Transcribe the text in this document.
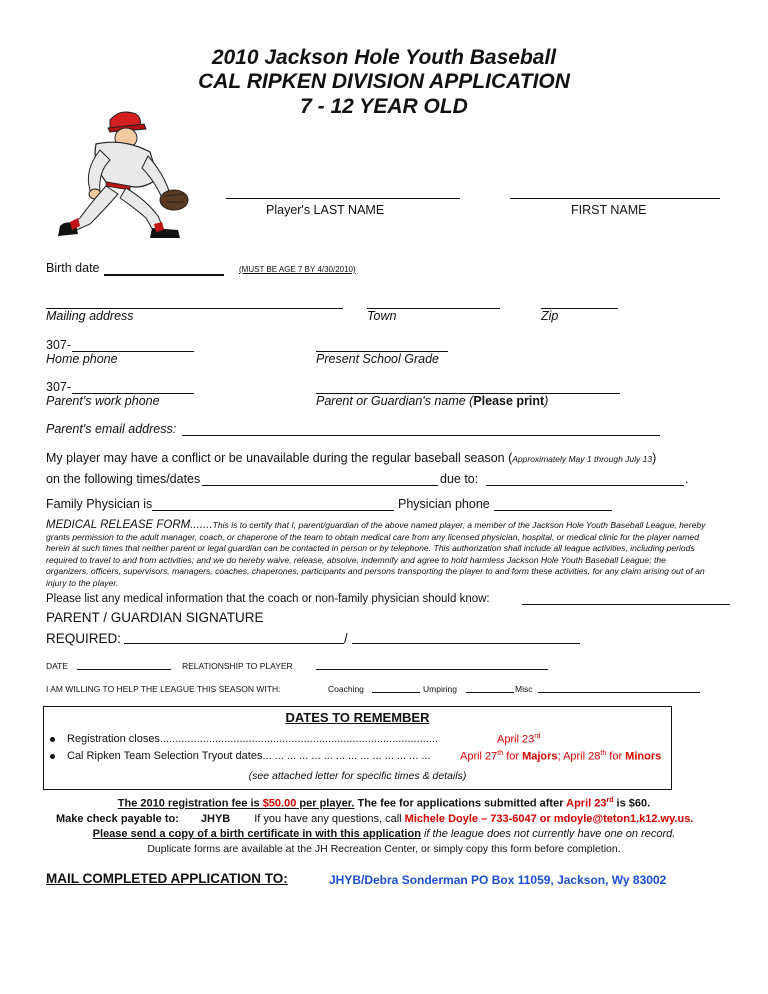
2010 Jackson Hole Youth Baseball
CAL RIPKEN DIVISION APPLICATION
7 - 12 YEAR OLD
Player's LAST NAME	FIRST NAME
Birth date	(MUST BE AGE 7 BY 4/30/2010)
Mailing address	Town	Zip
307-
Home phone	Present School Grade
307-
Parent's work phone	Parent or Guardian's name (Please print)
Parent's email address:
My player may have a conflict or be unavailable during the regular baseball season (Approximately May 1 through July 13)
on the following times/dates	due to:	.
Family Physician is	Physician phone
MEDICAL RELEASE FORM.......This is to certify that I, parent/guardian of the above named player, a member of the Jackson Hole Youth Baseball League, hereby grants permission to the adult manager, coach, or chaperone of the team to obtain medical care from any licensed physician, hospital, or medical clinic for the player named herein at such times that neither parent or legal guardian can be contacted in person or by telephone. This authorization shall include all league activities, including periods required to travel to and from activities; and we do hereby waive, release, absolve, indemnify and agree to hold harmless Jackson Hole Youth Baseball League; the organizers, officers, supervisors, managers, coaches, chaperones, participants and persons transporting the player to and form these activities, for any claim arising out of an injury to the player.
Please list any medical information that the coach or non-family physician should know:
PARENT / GUARDIAN SIGNATURE
REQUIRED:	/
DATE	RELATIONSHIP TO PLAYER
I AM WILLING TO HELP THE LEAGUE THIS SEASON WITH:	Coaching	Umpiring	Misc
DATES TO REMEMBER
Registration closes...........................................................................................	April 23rd
Cal Ripken Team Selection Tryout dates... ... ... ... ... ... ... ... ... ... ... ... ... ...	April 27th for Majors; April 28th for Minors
(see attached letter for specific times & details)
The 2010 registration fee is $50.00 per player. The fee for applications submitted after April 23rd is $60.
Make check payable to: JHYB If you have any questions, call Michele Doyle – 733-6047 or mdoyle@teton1.k12.wy.us.
Please send a copy of a birth certificate in with this application if the league does not currently have one on record.
Duplicate forms are available at the JH Recreation Center, or simply copy this form before completion.
MAIL COMPLETED APPLICATION TO:	JHYB/Debra Sonderman PO Box 11059, Jackson, Wy 83002
